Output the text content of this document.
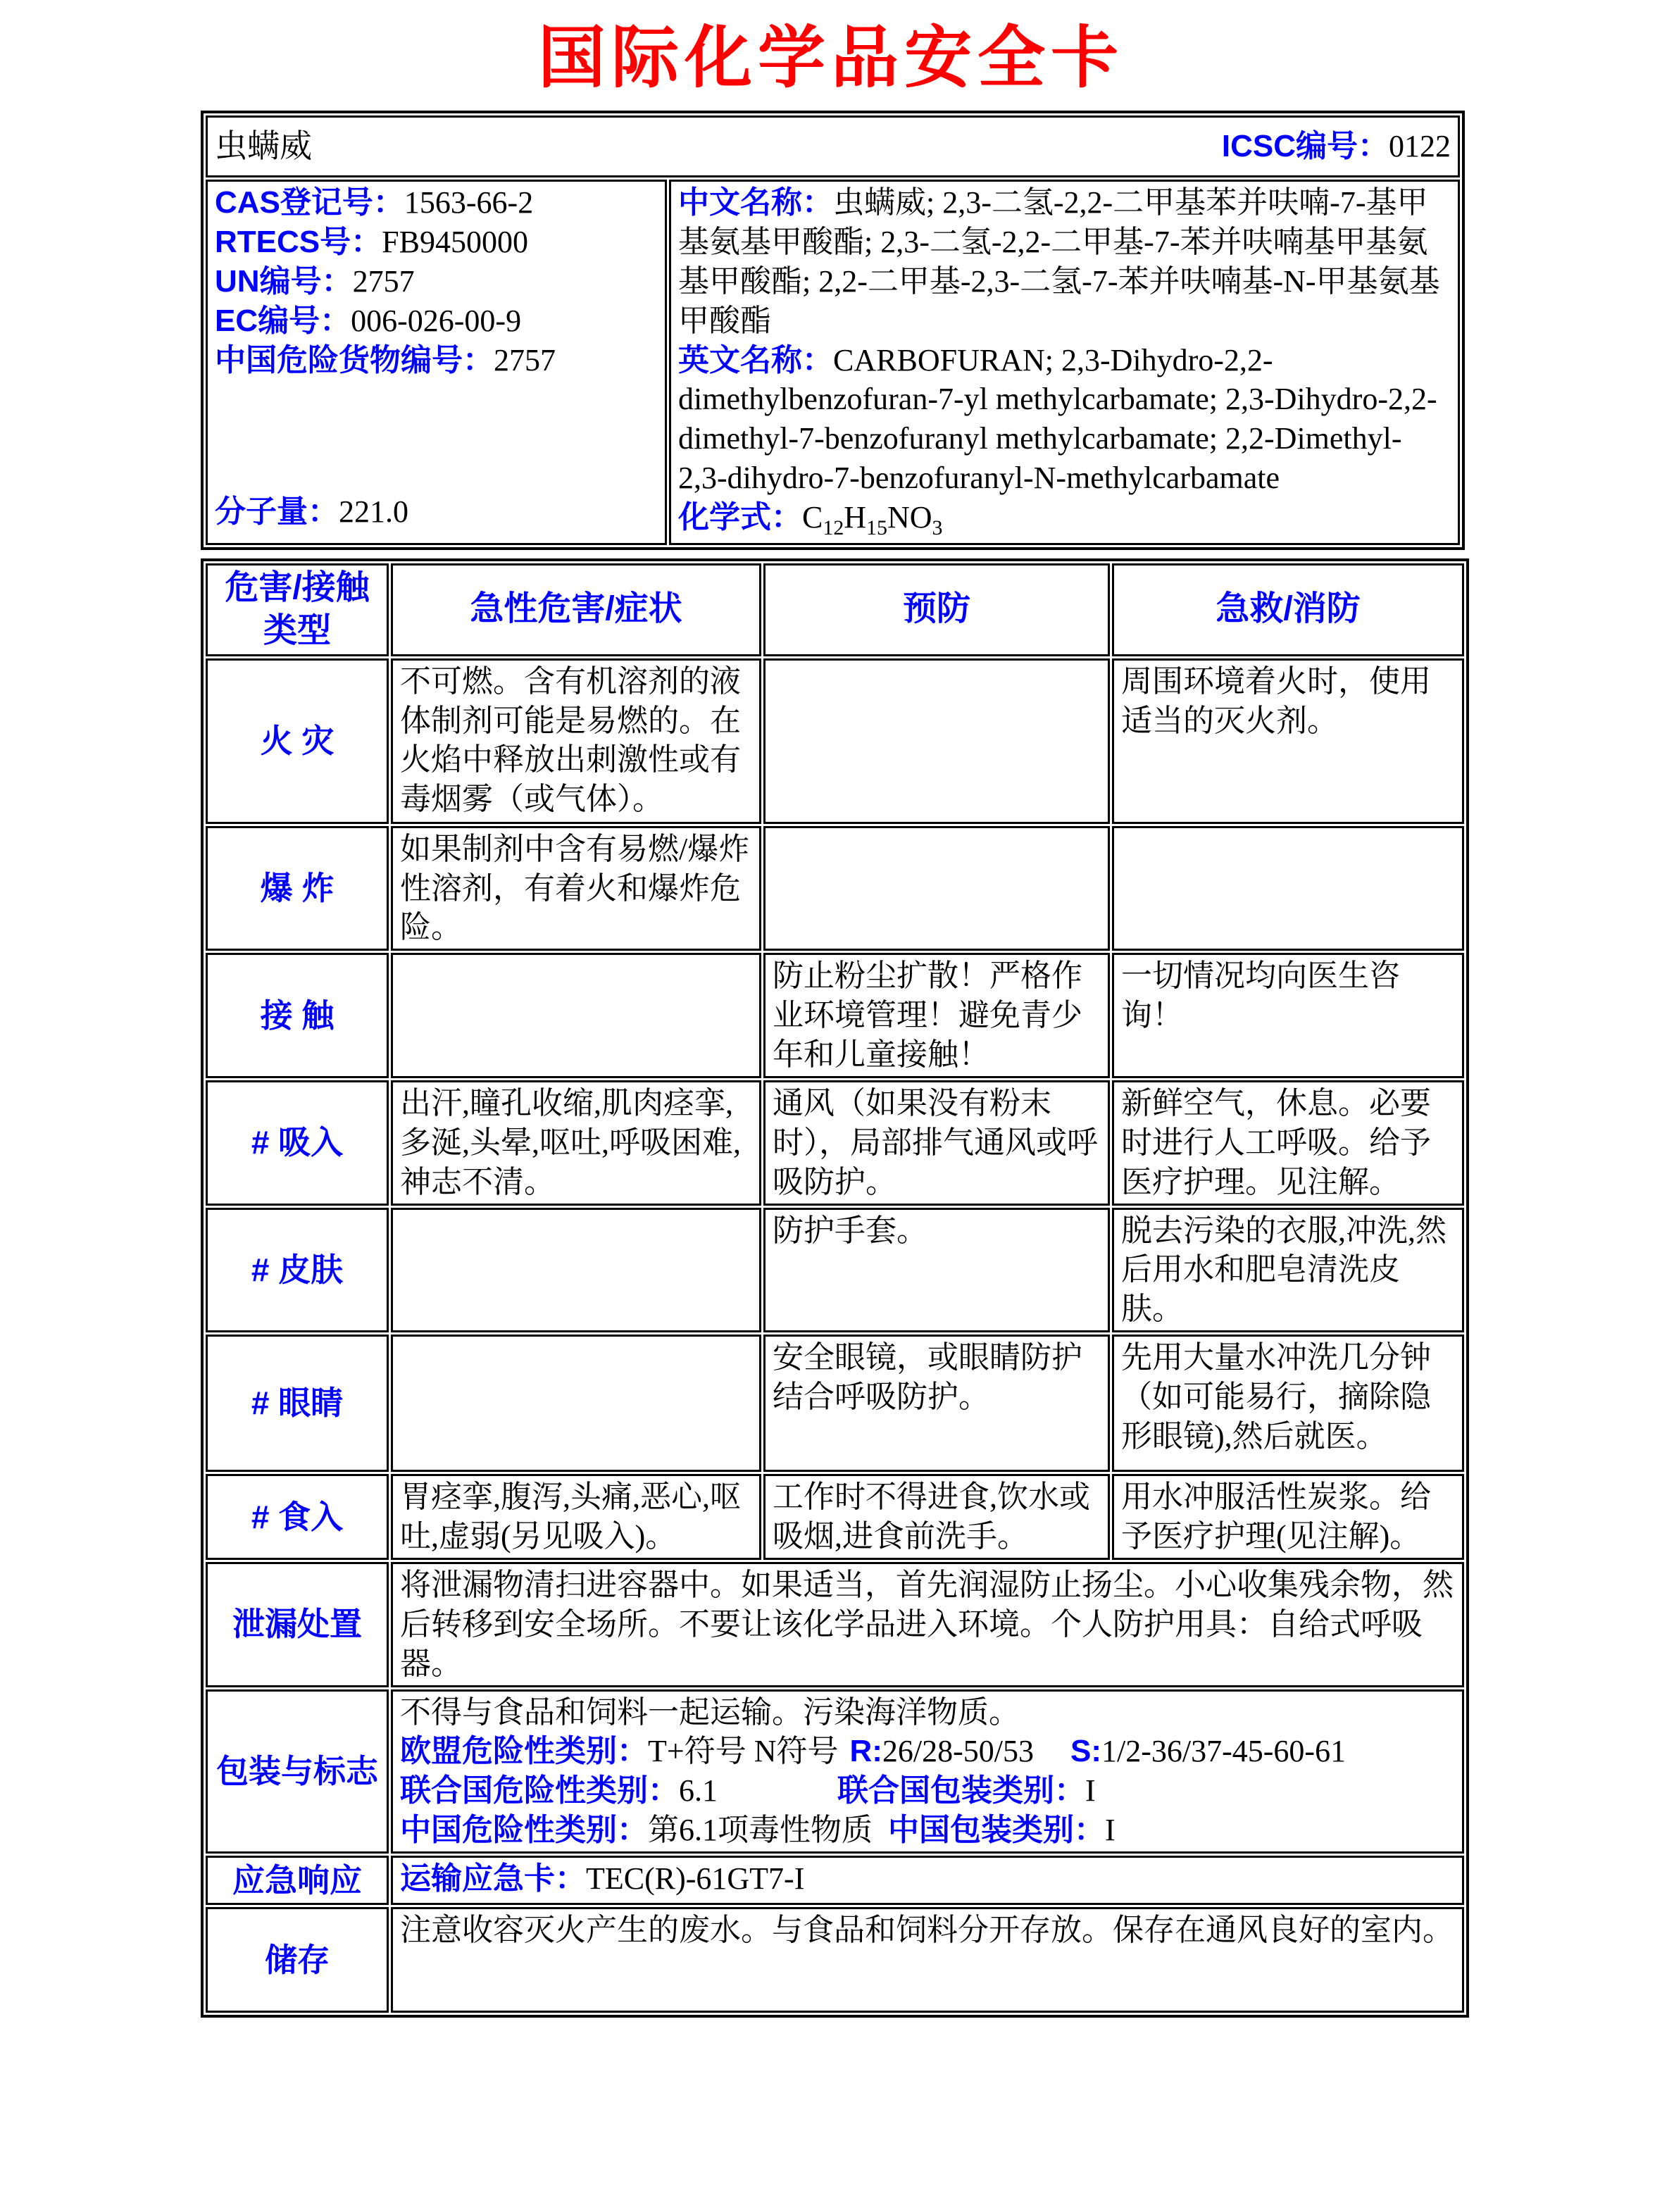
国际化学品安全卡
虫螨威	ICSC编号：0122

CAS登记号：1563-66-2
RTECS号：FB9450000
UN编号：2757
EC编号：006-026-00-9
中国危险货物编号：2757
分子量：221.0

中文名称：虫螨威; 2,3-二氢-2,2-二甲基苯并呋喃-7-基甲基氨基甲酸酯; 2,3-二氢-2,2-二甲基-7-苯并呋喃基甲基氨基甲酸酯; 2,2-二甲基-2,3-二氢-7-苯并呋喃基-N-甲基氨基甲酸酯
英文名称：CARBOFURAN; 2,3-Dihydro-2,2-dimethylbenzofuran-7-yl methylcarbamate; 2,3-Dihydro-2,2-dimethyl-7-benzofuranyl methylcarbamate; 2,2-Dimethyl-2,3-dihydro-7-benzofuranyl-N-methylcarbamate
化学式：$C_{12}H_{15}NO_3$
危害/接触类型	急性危害/症状	预防	急救/消防
火 灾	不可燃。含有机溶剂的液体制剂可能是易燃的。在火焰中释放出刺激性或有毒烟雾（或气体）。		周围环境着火时，使用适当的灭火剂。
爆 炸	如果制剂中含有易燃/爆炸性溶剂，有着火和爆炸危险。		
接 触		防止粉尘扩散！严格作业环境管理！避免青少年和儿童接触！	一切情况均向医生咨询！
# 吸入	出汗,瞳孔收缩,肌肉痉挛,多涎,头晕,呕吐,呼吸困难,神志不清。	通风（如果没有粉末时），局部排气通风或呼吸防护。	新鲜空气，休息。必要时进行人工呼吸。给予医疗护理。见注解。
# 皮肤		防护手套。	脱去污染的衣服,冲洗,然后用水和肥皂清洗皮肤。
# 眼睛		安全眼镜，或眼睛防护结合呼吸防护。	先用大量水冲洗几分钟（如可能易行，摘除隐形眼镜),然后就医。
# 食入	胃痉挛,腹泻,头痛,恶心,呕吐,虚弱(另见吸入)。	工作时不得进食,饮水或吸烟,进食前洗手。	用水冲服活性炭浆。给予医疗护理(见注解)。
泄漏处置	将泄漏物清扫进容器中。如果适当，首先润湿防止扬尘。小心收集残余物，然后转移到安全场所。不要让该化学品进入环境。个人防护用具：自给式呼吸器。		
包装与标志	不得与食品和饲料一起运输。污染海洋物质。
欧盟危险性类别：T+符号 N符号 R:26/28-50/53 S:1/2-36/37-45-60-61
联合国危险性类别：6.1 联合国包装类别：I
中国危险性类别：第6.1项毒性物质 中国包装类别：I		

应急响应	运输应急卡：TEC(R)-61GT7-I		
储存	注意收容灭火产生的废水。与食品和饲料分开存放。保存在通风良好的室内。		
